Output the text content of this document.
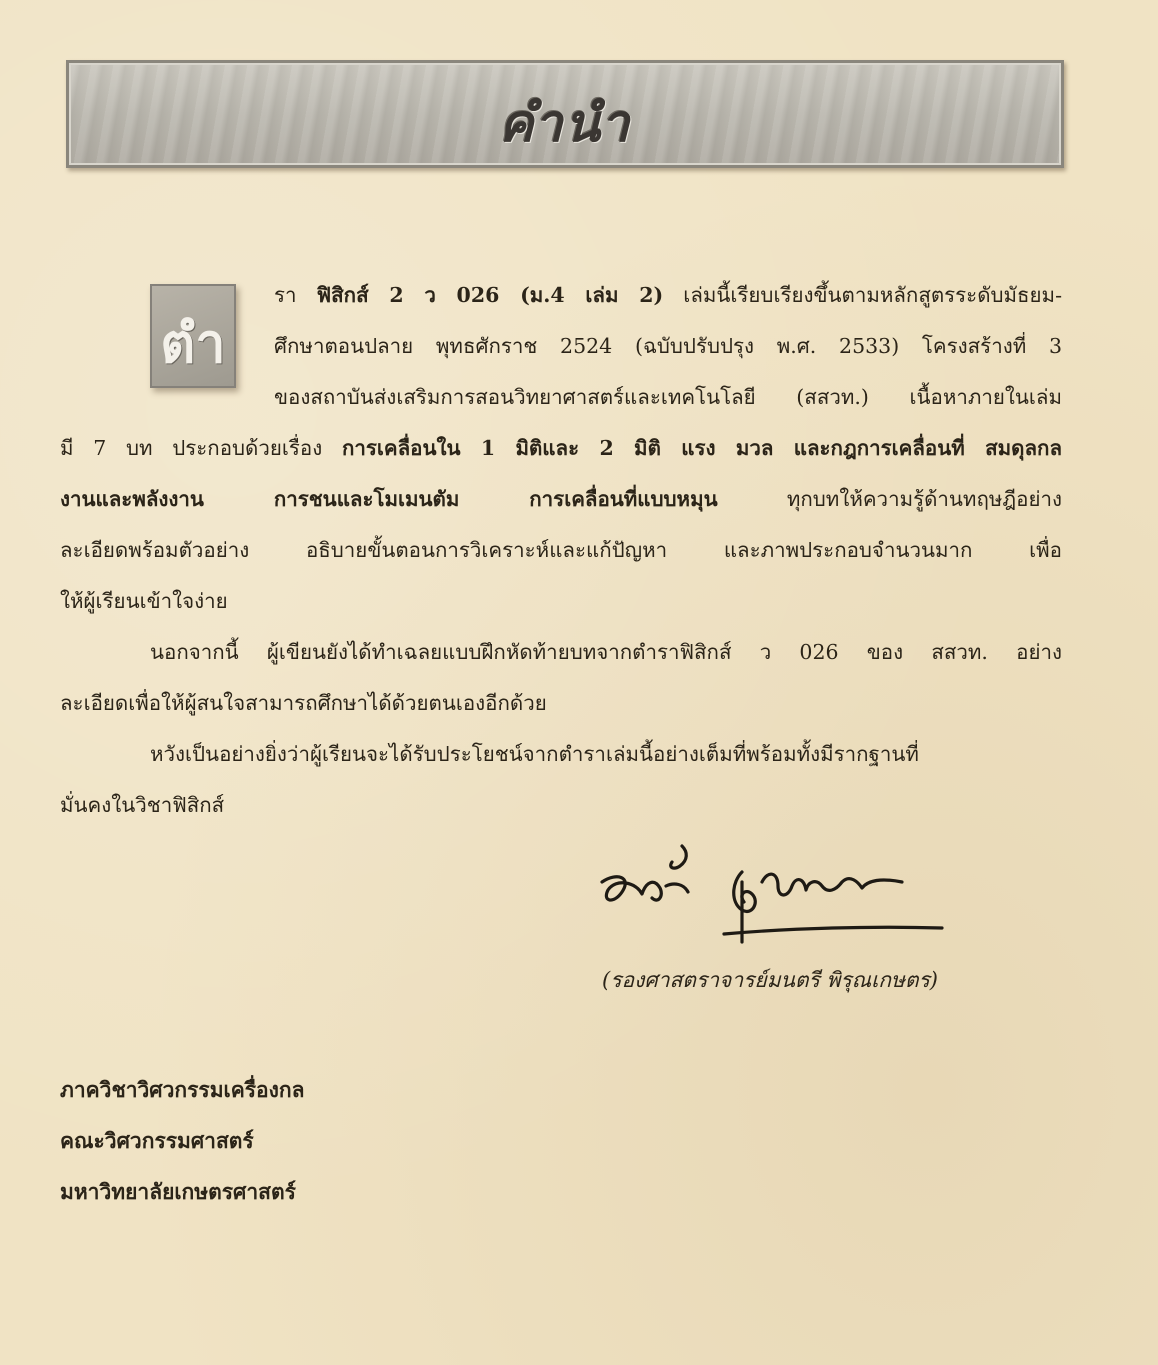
คำนำ
ตำ
รา ฟิสิกส์ 2 ว 026 (ม.4 เล่ม 2) เล่มนี้เรียบเรียงขึ้นตามหลักสูตรระดับมัธยม-
ศึกษาตอนปลาย พุทธศักราช 2524 (ฉบับปรับปรุง พ.ศ. 2533) โครงสร้างที่ 3
ของสถาบันส่งเสริมการสอนวิทยาศาสตร์และเทคโนโลยี (สสวท.) เนื้อหาภายในเล่ม
มี 7 บท ประกอบด้วยเรื่อง การเคลื่อนใน 1 มิติและ 2 มิติ แรง มวล และกฎการเคลื่อนที่ สมดุลกล
งานและพลังงาน การชนและโมเมนตัม การเคลื่อนที่แบบหมุน ทุกบทให้ความรู้ด้านทฤษฎีอย่าง
ละเอียดพร้อมตัวอย่าง อธิบายขั้นตอนการวิเคราะห์และแก้ปัญหา และภาพประกอบจำนวนมาก เพื่อ
ให้ผู้เรียนเข้าใจง่าย
นอกจากนี้ ผู้เขียนยังได้ทำเฉลยแบบฝึกหัดท้ายบทจากตำราฟิสิกส์ ว 026 ของ สสวท. อย่าง
ละเอียดเพื่อให้ผู้สนใจสามารถศึกษาได้ด้วยตนเองอีกด้วย
หวังเป็นอย่างยิ่งว่าผู้เรียนจะได้รับประโยชน์จากตำราเล่มนี้อย่างเต็มที่พร้อมทั้งมีรากฐานที่
มั่นคงในวิชาฟิสิกส์
(รองศาสตราจารย์มนตรี พิรุณเกษตร)
ภาควิชาวิศวกรรมเครื่องกล
คณะวิศวกรรมศาสตร์
มหาวิทยาลัยเกษตรศาสตร์
